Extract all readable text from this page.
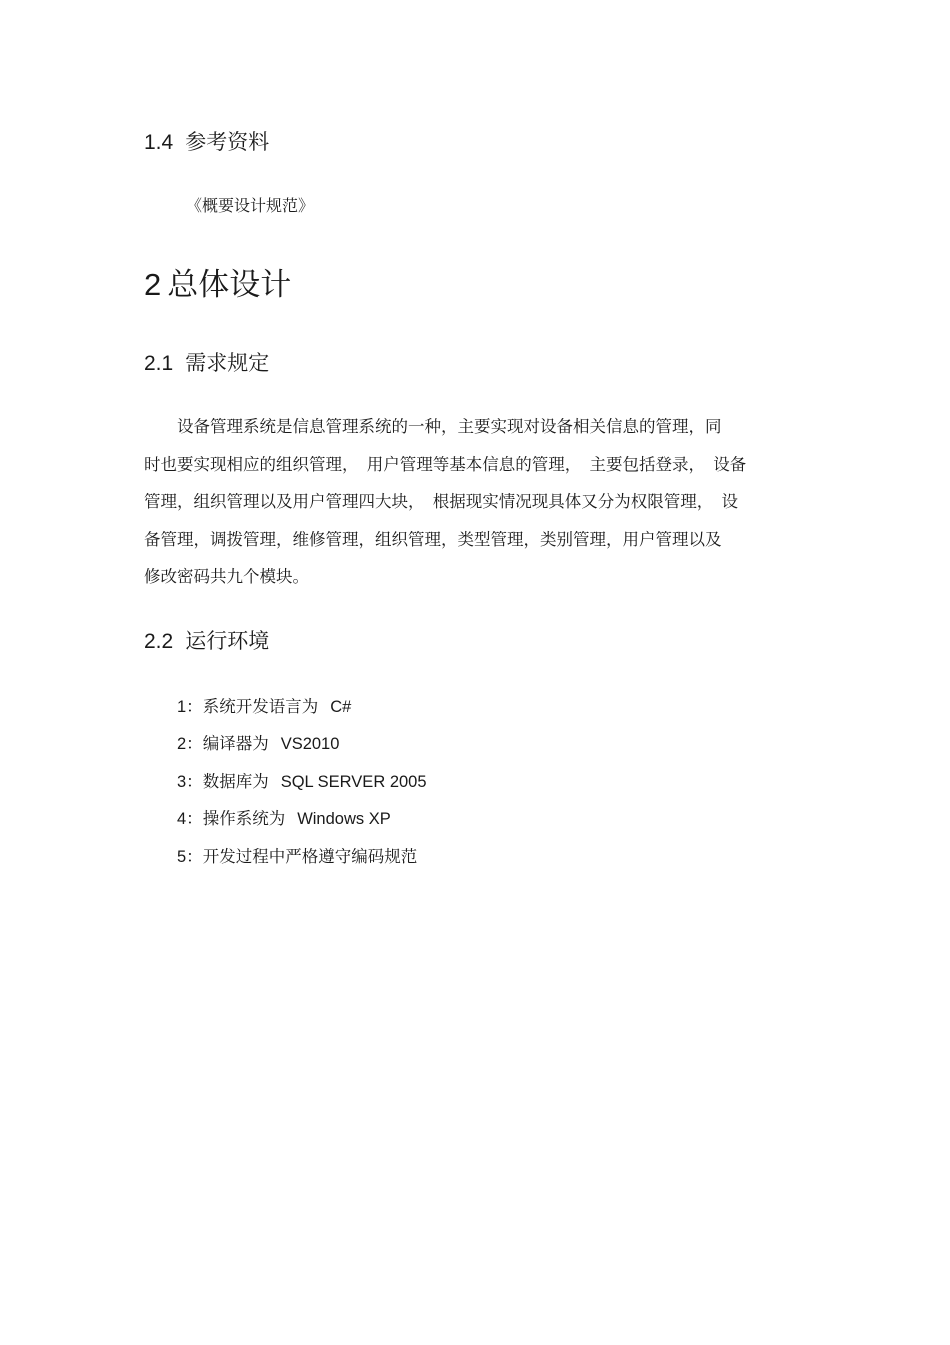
1.4 参考资料
《概要设计规范》
2 总体设计
2.1 需求规定
　　设备管理系统是信息管理系统的一种，主要实现对设备相关信息的管理，同
时也要实现相应的组织管理，　用户管理等基本信息的管理，　主要包括登录，　设备
管理，组织管理以及用户管理四大块，　根据现实情况现具体又分为权限管理，　设
备管理，调拨管理，维修管理，组织管理，类型管理，类别管理，用户管理以及
修改密码共九个模块。
2.2 运行环境
1：系统开发语言为 C#
2：编译器为 VS2010
3：数据库为 SQL SERVER 2005
4：操作系统为 Windows XP
5：开发过程中严格遵守编码规范
